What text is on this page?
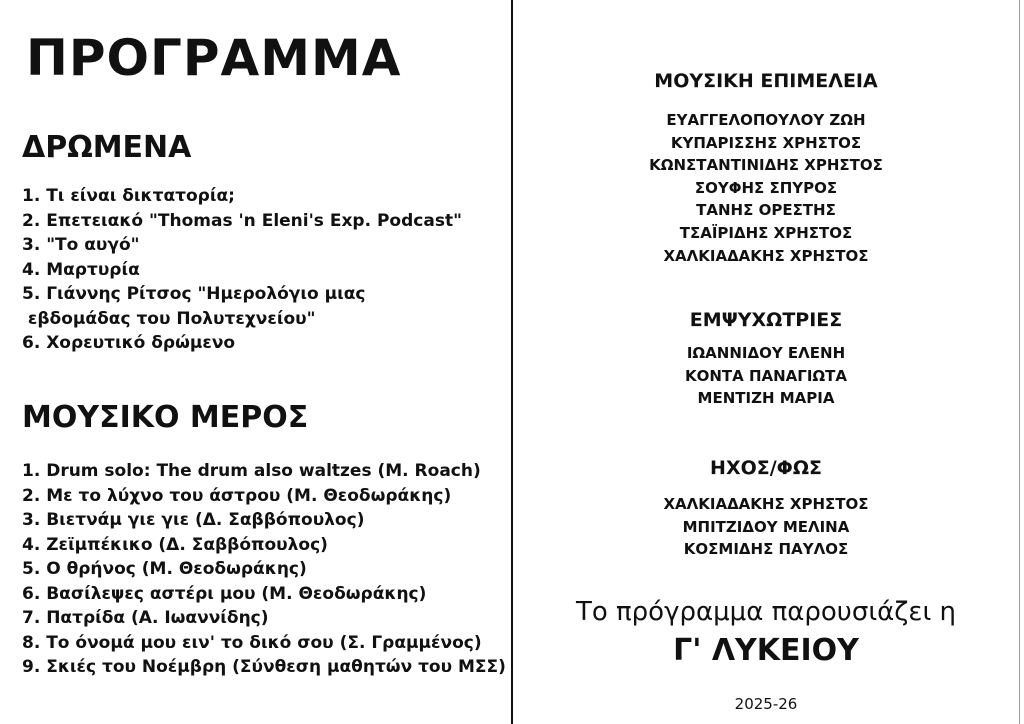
ΠΡΟΓΡΑΜΜΑ
ΔΡΩΜΕΝΑ
1. Τι είναι δικτατορία;
2. Επετειακό "Thomas 'n Eleni's Exp. Podcast"
3. "Το αυγό"
4. Μαρτυρία
5. Γιάννης Ρίτσος "Ημερολόγιο μιας
εβδομάδας του Πολυτεχνείου"
6. Χορευτικό δρώμενο
ΜΟΥΣΙΚΟ ΜΕΡΟΣ
1. Drum solo: The drum also waltzes (M. Roach)
2. Με το λύχνο του άστρου (Μ. Θεοδωράκης)
3. Βιετνάμ γιε γιε (Δ. Σαββόπουλος)
4. Ζεϊμπέκικο (Δ. Σαββόπουλος)
5. Ο θρήνος (Μ. Θεοδωράκης)
6. Βασίλεψες αστέρι μου (Μ. Θεοδωράκης)
7. Πατρίδα (Α. Ιωαννίδης)
8. Το όνομά μου ειν' το δικό σου (Σ. Γραμμένος)
9. Σκιές του Νοέμβρη (Σύνθεση μαθητών του ΜΣΣ)
ΜΟΥΣΙΚΗ ΕΠΙΜΕΛΕΙΑ
ΕΥΑΓΓΕΛΟΠΟΥΛΟΥ ΖΩΗ
ΚΥΠΑΡΙΣΣΗΣ ΧΡΗΣΤΟΣ
ΚΩΝΣΤΑΝΤΙΝΙΔΗΣ ΧΡΗΣΤΟΣ
ΣΟΥΦΗΣ ΣΠΥΡΟΣ
ΤΑΝΗΣ ΟΡΕΣΤΗΣ
ΤΣΑΪΡΙΔΗΣ ΧΡΗΣΤΟΣ
ΧΑΛΚΙΑΔΑΚΗΣ ΧΡΗΣΤΟΣ
ΕΜΨΥΧΩΤΡΙΕΣ
ΙΩΑΝΝΙΔΟΥ ΕΛΕΝΗ
ΚΟΝΤΑ ΠΑΝΑΓΙΩΤΑ
ΜΕΝΤΙΖΗ ΜΑΡΙΑ
ΗΧΟΣ/ΦΩΣ
ΧΑΛΚΙΑΔΑΚΗΣ ΧΡΗΣΤΟΣ
ΜΠΙΤΖΙΔΟΥ ΜΕΛΙΝΑ
ΚΟΣΜΙΔΗΣ ΠΑΥΛΟΣ

Το πρόγραμμα παρουσιάζει η

Γ' ΛΥΚΕΙΟΥ

2025-26
